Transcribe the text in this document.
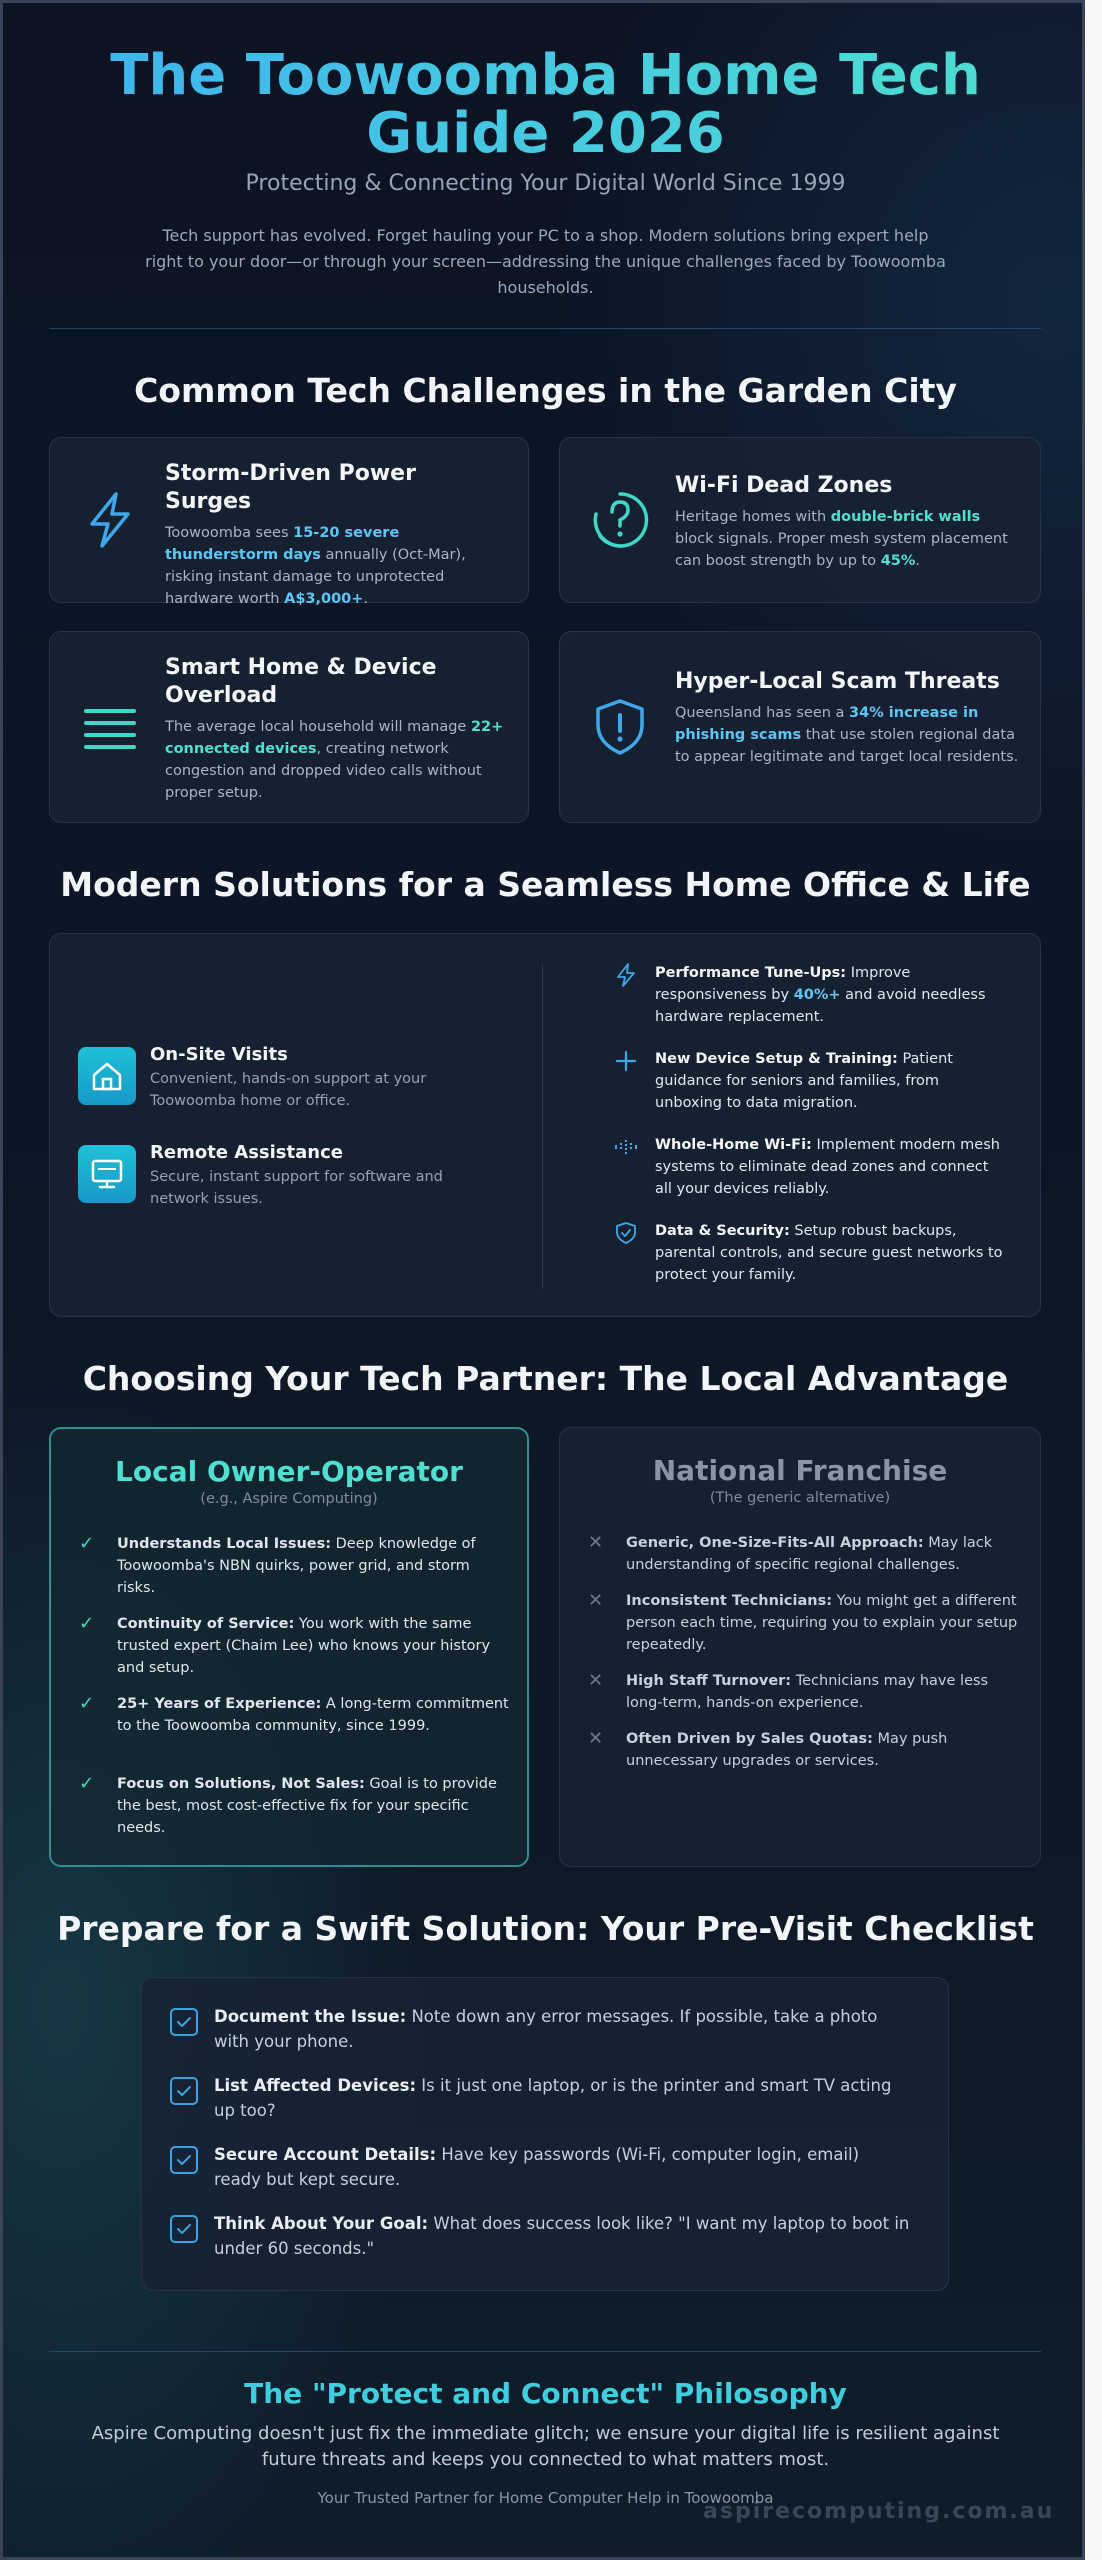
The Toowoomba Home Tech Guide 2026
Protecting & Connecting Your Digital World Since 1999
Tech support has evolved. Forget hauling your PC to a shop. Modern solutions bring expert help right to your door—or through your screen—addressing the unique challenges faced by Toowoomba households.
Common Tech Challenges in the Garden City
Storm-Driven Power Surges
Toowoomba sees 15-20 severe thunderstorm days annually (Oct-Mar), risking instant damage to unprotected hardware worth A$3,000+.
Wi-Fi Dead Zones
Heritage homes with double-brick walls block signals. Proper mesh system placement can boost strength by up to 45%.
Smart Home & Device Overload
The average local household will manage 22+ connected devices, creating network congestion and dropped video calls without proper setup.
Hyper-Local Scam Threats
Queensland has seen a 34% increase in phishing scams that use stolen regional data to appear legitimate and target local residents.
Modern Solutions for a Seamless Home Office & Life
On-Site Visits
Convenient, hands-on support at your Toowoomba home or office.
Remote Assistance
Secure, instant support for software and network issues.
Performance Tune-Ups: Improve responsiveness by 40%+ and avoid needless hardware replacement.
New Device Setup & Training: Patient guidance for seniors and families, from unboxing to data migration.
Whole-Home Wi-Fi: Implement modern mesh systems to eliminate dead zones and connect all your devices reliably.
Data & Security: Setup robust backups, parental controls, and secure guest networks to protect your family.
Choosing Your Tech Partner: The Local Advantage
Local Owner-Operator
(e.g., Aspire Computing)
✓	Understands Local Issues: Deep knowledge of Toowoomba's NBN quirks, power grid, and storm risks.
✓	Continuity of Service: You work with the same trusted expert (Chaim Lee) who knows your history and setup.
✓	25+ Years of Experience: A long-term commitment to the Toowoomba community, since 1999.
✓	Focus on Solutions, Not Sales: Goal is to provide the best, most cost-effective fix for your specific needs.
National Franchise
(The generic alternative)
✕	Generic, One-Size-Fits-All Approach: May lack understanding of specific regional challenges.
✕	Inconsistent Technicians: You might get a different person each time, requiring you to explain your setup repeatedly.
✕	High Staff Turnover: Technicians may have less long-term, hands-on experience.
✕	Often Driven by Sales Quotas: May push unnecessary upgrades or services.
Prepare for a Swift Solution: Your Pre-Visit Checklist
Document the Issue: Note down any error messages. If possible, take a photo with your phone.
List Affected Devices: Is it just one laptop, or is the printer and smart TV acting up too?
Secure Account Details: Have key passwords (Wi-Fi, computer login, email) ready but kept secure.
Think About Your Goal: What does success look like? "I want my laptop to boot in under 60 seconds."
The "Protect and Connect" Philosophy
Aspire Computing doesn't just fix the immediate glitch; we ensure your digital life is resilient against future threats and keeps you connected to what matters most.
Your Trusted Partner for Home Computer Help in Toowoomba
aspirecomputing.com.au
